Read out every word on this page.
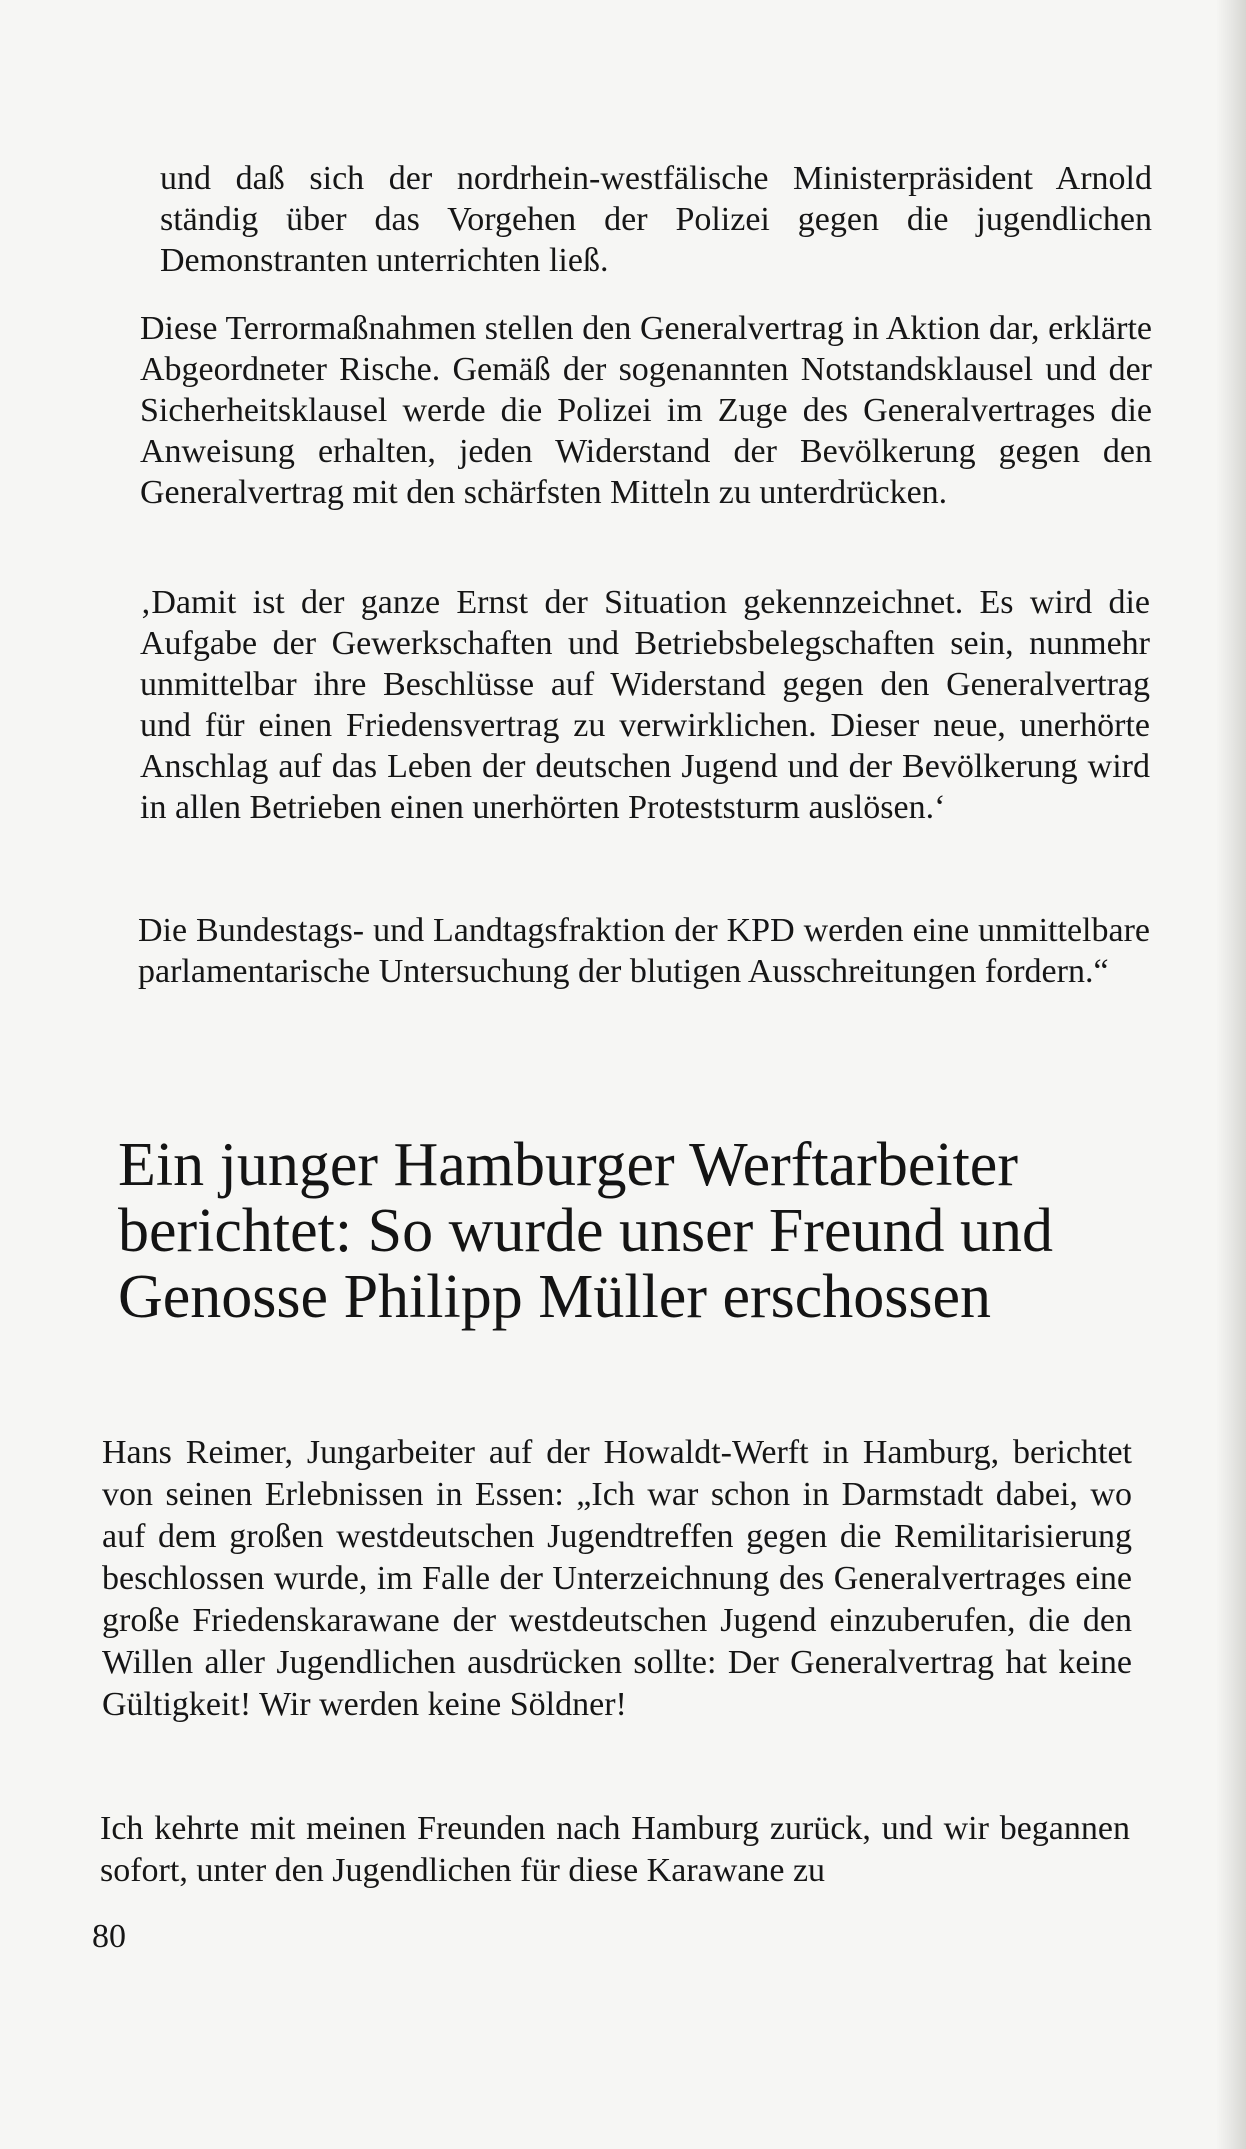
und daß sich der nordrhein-westfälische Ministerpräsident Arnold ständig über das Vorgehen der Polizei gegen die jugendlichen Demonstranten unterrichten ließ.

Diese Terrormaßnahmen stellen den Generalvertrag in Aktion dar, erklärte Abgeordneter Rische. Gemäß der sogenannten Notstandsklausel und der Sicherheitsklausel werde die Polizei im Zuge des Generalvertrages die Anweisung erhalten, jeden Widerstand der Bevölkerung gegen den Generalvertrag mit den schärfsten Mitteln zu unterdrücken.

‚Damit ist der ganze Ernst der Situation gekennzeichnet. Es wird die Aufgabe der Gewerkschaften und Betriebsbelegschaften sein, nunmehr unmittelbar ihre Beschlüsse auf Widerstand gegen den Generalvertrag und für einen Friedensvertrag zu verwirklichen. Dieser neue, unerhörte Anschlag auf das Leben der deutschen Jugend und der Bevölkerung wird in allen Betrieben einen unerhörten Proteststurm auslösen.‘

Die Bundestags- und Landtagsfraktion der KPD werden eine unmittelbare parlamentarische Untersuchung der blutigen Ausschreitungen fordern.“

Ein junger Hamburger Werftarbeiter berichtet: So wurde unser Freund und Genosse Philipp Müller erschossen

Hans Reimer, Jungarbeiter auf der Howaldt-Werft in Hamburg, berichtet von seinen Erlebnissen in Essen: „Ich war schon in Darmstadt dabei, wo auf dem großen westdeutschen Jugendtreffen gegen die Remilitarisierung beschlossen wurde, im Falle der Unterzeichnung des Generalvertrages eine große Friedenskarawane der westdeutschen Jugend einzuberufen, die den Willen aller Jugendlichen ausdrücken sollte: Der Generalvertrag hat keine Gültigkeit! Wir werden keine Söldner!

Ich kehrte mit meinen Freunden nach Hamburg zurück, und wir begannen sofort, unter den Jugendlichen für diese Karawane zu

80
